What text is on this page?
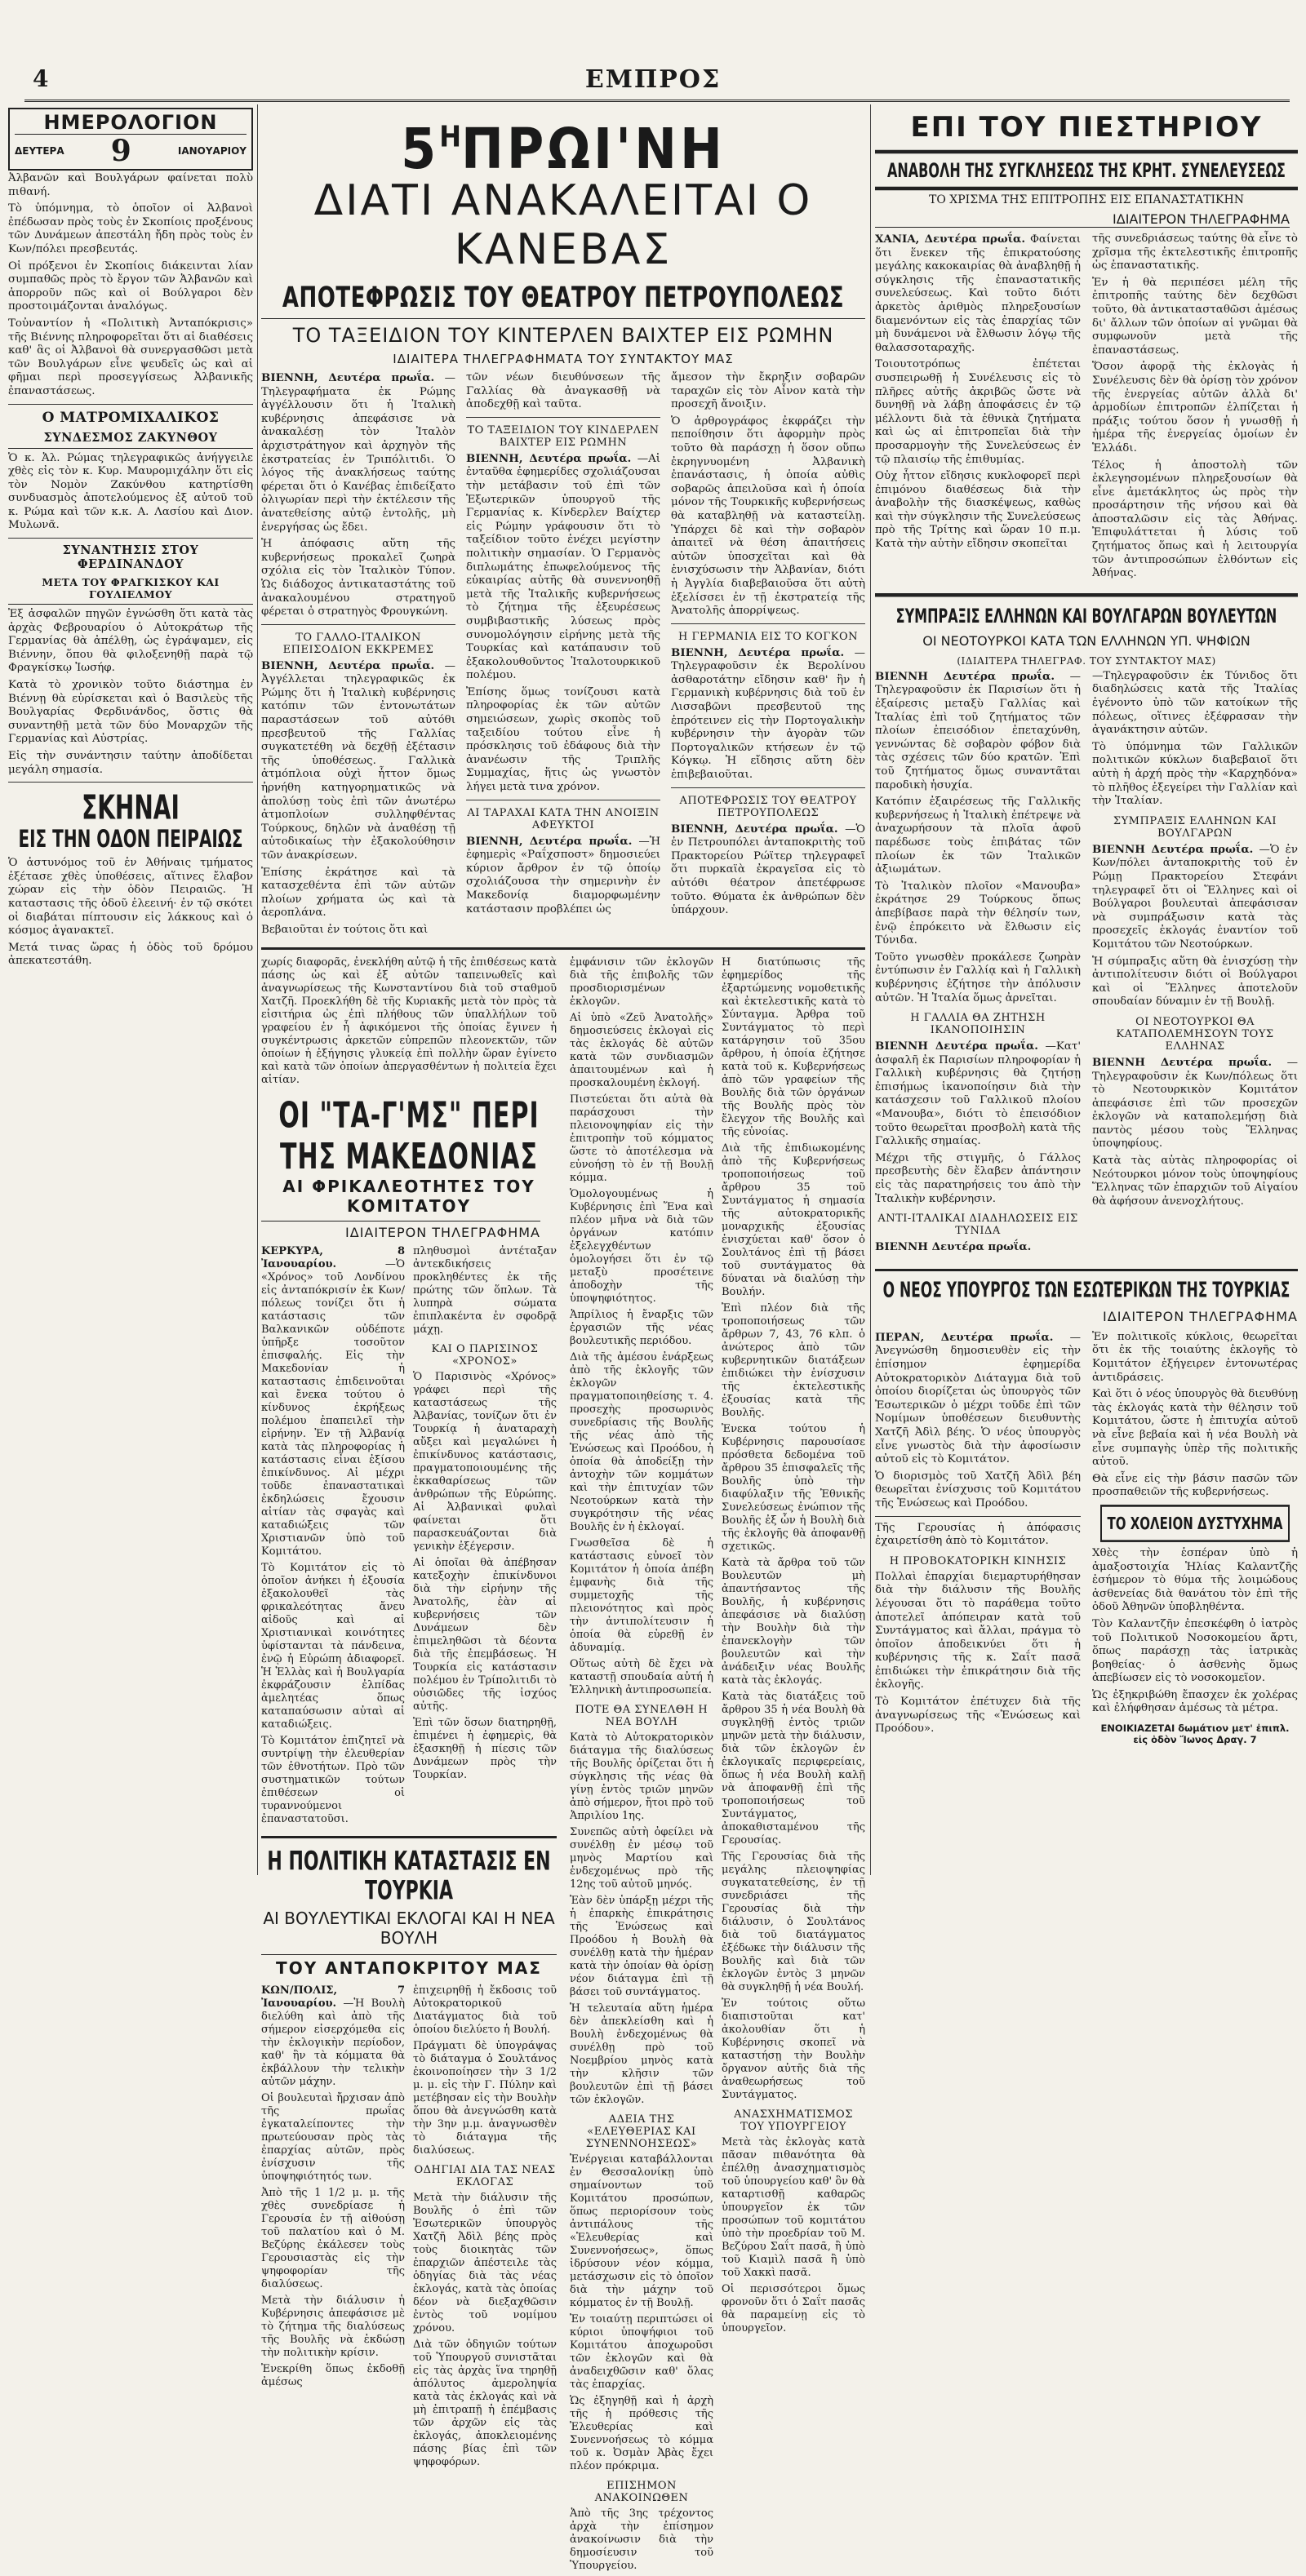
4	ΕΜΠΡΟΣ
ΗΜΕΡΟΛΟΓΙΟΝ
ΔΕΥΤΕΡΑ 9	ΙΑΝΟΥΑΡΙΟΥ

Ἀλβανῶν καὶ Βουλγάρων φαίνεται πολὺ πιθανή.

Τὸ ὑπόμνημα, τὸ ὁποῖον οἱ Ἀλβανοὶ ἐπέδωσαν πρὸς τοὺς ἐν Σκοπίοις προξένους τῶν Δυνάμεων ἀπεστάλη ἤδη πρὸς τοὺς ἐν Κων/πόλει πρεσβευτάς.

Οἱ πρόξενοι ἐν Σκοπίοις διάκεινται λίαν συμπαθῶς πρὸς τὸ ἔργον τῶν Ἀλβανῶν καὶ ἀπορροῦν πῶς καὶ οἱ Βούλγαροι δὲν προστοιμάζονται ἀναλόγως.

Τοὐναντίον ἡ «Πολιτικὴ Ἀνταπόκρισις» τῆς Βιέννης πληροφορεῖται ὅτι αἱ διαθέσεις καθ' ἃς οἱ Ἀλβανοὶ θὰ συνεργασθῶσι μετὰ τῶν Βουλγάρων εἶνε ψευδεῖς ὡς καὶ αἱ φῆμαι περὶ προσεγγίσεως Ἀλβανικῆς ἐπαναστάσεως.

Ο ΜΑΤΡΟΜΙΧΑΛΙΚΟΣ
ΣΥΝΔΕΣΜΟΣ ΖΑΚΥΝΘΟΥ

Ὁ κ. Ἀλ. Ρώμας τηλεγραφικῶς ἀνήγγειλε χθὲς εἰς τὸν κ. Κυρ. Μαυρομιχάλην ὅτι εἰς τὸν Νομὸν Ζακύνθου κατηρτίσθη συνδυασμὸς ἀποτελούμενος ἐξ αὐτοῦ τοῦ κ. Ρώμα καὶ τῶν κ.κ. Α. Λασίου καὶ Διον. Μυλωνᾶ.

ΣΥΝΑΝΤΗΣΙΣ ΣΤΟΥ ΦΕΡΔΙΝΑΝΔΟΥ
ΜΕΤΑ ΤΟΥ ΦΡΑΓΚΙΣΚΟΥ ΚΑΙ ΓΟΥΛΙΕΛΜΟΥ

Ἐξ ἀσφαλῶν πηγῶν ἐγνώσθη ὅτι κατὰ τὰς ἀρχὰς Φεβρουαρίου ὁ Αὐτοκράτωρ τῆς Γερμανίας θὰ ἀπέλθῃ, ὡς ἐγράψαμεν, εἰς Βιέννην, ὅπου θὰ φιλοξενηθῇ παρὰ τῷ Φραγκίσκῳ Ἰωσήφ.

Κατὰ τὸ χρονικὸν τοῦτο διάστημα ἐν Βιέννῃ θὰ εὑρίσκεται καὶ ὁ Βασιλεὺς τῆς Βουλγαρίας Φερδινάνδος, ὅστις θὰ συναντηθῇ μετὰ τῶν δύο Μοναρχῶν τῆς Γερμανίας καὶ Αὐστρίας.

Εἰς τὴν συνάντησιν ταύτην ἀποδίδεται μεγάλη σημασία.

ΣΚΗΝΑΙ
ΕΙΣ ΤΗΝ ΟΔΟΝ ΠΕΙΡΑΙΩΣ

Ὁ ἀστυνόμος τοῦ ἐν Ἀθήναις τμήματος ἐξέτασε χθὲς ὑποθέσεις, αἵτινες ἔλαβον χώραν εἰς τὴν ὁδὸν Πειραιῶς. Ἡ καταστασις τῆς ὁδοῦ ἐλεεινή· ἐν τῷ σκότει οἱ διαβάται πίπτουσιν εἰς λάκκους καὶ ὁ κόσμος ἀγανακτεῖ.

Μετά τινας ὥρας ἡ ὁδὸς τοῦ δρόμου ἀπεκατεστάθη.

$5^H\Pi P\Omega I'NH$
ΔΙΑΤΙ ΑΝΑΚΑΛΕΙΤΑΙ Ο ΚΑΝΕΒΑΣ
ΑΠΟΤΕΦΡΩΣΙΣ ΤΟΥ ΘΕΑΤΡΟΥ ΠΕΤΡΟΥΠΟΛΕΩΣ
ΤΟ ΤΑΞΕΙΔΙΟΝ ΤΟΥ ΚΙΝΤΕΡΛΕΝ ΒΑΙΧΤΕΡ ΕΙΣ ΡΩΜΗΝ
ΙΔΙΑΙΤΕΡΑ ΤΗΛΕΓΡΑΦΗΜΑΤΑ ΤΟΥ ΣΥΝΤΑΚΤΟΥ ΜΑΣ

ΒΙΕΝΝΗ, Δευτέρα πρωΐα. —Τηλεγραφήματα ἐκ Ρώμης ἀγγέλλουσιν ὅτι ἡ Ἰταλικὴ κυβέρνησις ἀπεφάσισε νὰ ἀνακαλέσῃ τὸν Ἰταλὸν ἀρχιστράτηγον καὶ ἀρχηγὸν τῆς ἐκστρατείας ἐν Τριπόλιτιδι. Ὁ λόγος τῆς ἀνακλήσεως ταύτης φέρεται ὅτι ὁ Κανέβας ἐπιδείξατο ὀλιγωρίαν περὶ τὴν ἐκτέλεσιν τῆς ἀνατεθείσης αὐτῷ ἐντολῆς, μὴ ἐνεργήσας ὡς ἔδει.

Ἡ ἀπόφασις αὕτη τῆς κυβερνήσεως προκαλεῖ ζωηρὰ σχόλια εἰς τὸν Ἰταλικὸν Τύπον. Ὡς διάδοχος ἀντικαταστάτης τοῦ ἀνακαλουμένου στρατηγοῦ φέρεται ὁ στρατηγὸς Φρουγκώνη.

ΤΟ ΓΑΛΛΟ-ΙΤΑΛΙΚΟΝ ΕΠΕΙΣΟΔΙΟΝ ΕΚΚΡΕΜΕΣ

ΒΙΕΝΝΗ, Δευτέρα πρωΐα. —Ἀγγέλλεται τηλεγραφικῶς ἐκ Ρώμης ὅτι ἡ Ἰταλικὴ κυβέρνησις κατόπιν τῶν ἐντονωτάτων παραστάσεων τοῦ αὐτόθι πρεσβευτοῦ τῆς Γαλλίας συγκατετέθη νὰ δεχθῇ ἐξέτασιν τῆς ὑποθέσεως. Γαλλικὰ ἀτμόπλοια οὐχὶ ἧττον ὅμως ἠρνήθη κατηγορηματικῶς νὰ ἀπολύσῃ τοὺς ἐπὶ τῶν ἀνωτέρω ἀτμοπλοίων συλληφθέντας Τούρκους, δηλῶν νὰ ἀναθέσῃ τῇ αὐτοδικαίως τὴν ἐξακολούθησιν τῶν ἀνακρίσεων.

Ἐπίσης ἐκράτησε καὶ τὰ κατασχεθέντα ἐπὶ τῶν αὐτῶν πλοίων χρήματα ὡς καὶ τὰ ἀεροπλάνα.

Βεβαιοῦται ἐν τούτοις ὅτι καὶ

τῶν νέων διευθύνσεων τῆς Γαλλίας θὰ ἀναγκασθῇ νὰ ἀποδεχθῇ καὶ ταῦτα.

ΤΟ ΤΑΞΕΙΔΙΟΝ ΤΟΥ ΚΙΝΔΕΡΛΕΝ ΒΑΙΧΤΕΡ ΕΙΣ ΡΩΜΗΝ

ΒΙΕΝΝΗ, Δευτέρα πρωΐα. —Αἱ ἐνταῦθα ἐφημερίδες σχολιάζουσαι τὴν μετάβασιν τοῦ ἐπὶ τῶν Ἐξωτερικῶν ὑπουργοῦ τῆς Γερμανίας κ. Κίνδερλεν Βαίχτερ εἰς Ρώμην γράφουσιν ὅτι τὸ ταξείδιον τοῦτο ἐνέχει μεγίστην πολιτικὴν σημασίαν. Ὁ Γερμανὸς διπλωμάτης ἐπωφελούμενος τῆς εὐκαιρίας αὐτῆς θὰ συνεννοηθῇ μετὰ τῆς Ἰταλικῆς κυβερνήσεως τὸ ζήτημα τῆς ἐξευρέσεως συμβιβαστικῆς λύσεως πρὸς συνομολόγησιν εἰρήνης μετὰ τῆς Τουρκίας καὶ κατάπαυσιν τοῦ ἐξακολουθοῦντος Ἰταλοτουρκικοῦ πολέμου.

Ἐπίσης ὅμως τονίζουσι κατὰ πληροφορίας ἐκ τῶν αὐτῶν σημειώσεων, χωρὶς σκοπὸς τοῦ ταξειδίου τούτου εἶνε ἡ πρόσκλησις τοῦ ἐδάφους διὰ τὴν ἀνανέωσιν τῆς Τριπλῆς Συμμαχίας, ἥτις ὡς γνωστὸν λήγει μετὰ τινα χρόνον.

ΑΙ ΤΑΡΑΧΑΙ ΚΑΤΑ ΤΗΝ ΑΝΟΙΞΙΝ ΑΦΕΥΚΤΟΙ

ΒΙΕΝΝΗ, Δευτέρα πρωΐα. —Ἡ ἐφημερὶς «Ραΐχσποστ» δημοσιεύει κύριον ἄρθρον ἐν τῷ ὁποίῳ σχολιάζουσα τὴν σημερινὴν ἐν Μακεδονίᾳ διαμορφωμένην κατάστασιν προβλέπει ὡς

ἄμεσον τὴν ἔκρηξιν σοβαρῶν ταραχῶν εἰς τὸν Αἶνον κατὰ τὴν προσεχῆ ἄνοιξιν.

Ὁ ἀρθρογράφος ἐκφράζει τὴν πεποίθησιν ὅτι ἀφορμὴν πρὸς τοῦτο θὰ παράσχῃ ἡ ὅσον οὕπω ἐκρηγνυομένη Ἀλβανικὴ ἐπανάστασις, ἡ ὁποία αὐθὶς σοβαρῶς ἀπειλοῦσα καὶ ἡ ὁποία μόνον τῆς Τουρκικῆς κυβερνήσεως θὰ καταβληθῇ νὰ καταστείλῃ. Ὑπάρχει δὲ καὶ τὴν σοβαρὸν ἀπαιτεῖ νὰ θέση ἀπαιτήσεις αὐτῶν ὑποσχεῖται καὶ θὰ ἐνισχύσωσιν τὴν Ἀλβανίαν, διότι ἡ Ἀγγλία διαβεβαιοῦσα ὅτι αὐτὴ ἐξελίσσει ἐν τῇ ἐκστρατείᾳ τῆς Ἀνατολῆς ἀπορρίψεως.

Η ΓΕΡΜΑΝΙΑ ΕΙΣ ΤΟ ΚΟΓΚΟΝ

ΒΙΕΝΝΗ, Δευτέρα πρωΐα. —Τηλεγραφοῦσιν ἐκ Βερολίνου ἀσθαροτάτην εἴδησιν καθ' ἣν ἡ Γερμανικὴ κυβέρνησις διὰ τοῦ ἐν Λισσαβῶνι πρεσβευτοῦ της ἐπρότεινεν εἰς τὴν Πορτογαλικὴν κυβέρνησιν τὴν ἀγορὰν τῶν Πορτογαλικῶν κτήσεων ἐν τῷ Κόγκῳ. Ἡ εἴδησις αὕτη δὲν ἐπιβεβαιοῦται.

ΑΠΟΤΕΦΡΩΣΙΣ ΤΟΥ ΘΕΑΤΡΟΥ ΠΕΤΡΟΥΠΟΛΕΩΣ

ΒΙΕΝΝΗ, Δευτέρα πρωΐα. —Ὁ ἐν Πετρουπόλει ἀνταποκριτὴς τοῦ Πρακτορείου Ρώϊτερ τηλεγραφεῖ ὅτι πυρκαϊὰ ἐκραγεῖσα εἰς τὸ αὐτόθι θέατρον ἀπετέφρωσε τοῦτο. Θύματα ἐκ ἀνθρώπων δὲν ὑπάρχουν.

χωρίς διαφορᾶς, ἐνεκλήθη αὐτῷ ἡ τῆς ἐπιθέσεως κατὰ πάσης ὡς καὶ ἐξ αὐτῶν ταπεινωθεῖς καὶ ἀναγνωρίσεως τῆς Κωνσταντίνου διὰ τοῦ σταθμοῦ Χατζῆ. Προεκλήθη δὲ τῆς Κυριακῆς μετὰ τὸν πρὸς τὰ εἰσιτήρια ὡς ἐπὶ πλήθους τῶν ὑπαλλήλων τοῦ γραφείου ἐν ἧ ἀφικόμενοι τῆς ὁποίας ἔγινεν ἡ συγκέντρωσις ἀρκετῶν εὐπρεπῶν πλεονεκτῶν, τῶν ὁποίων ἡ ἐξήγησις γλυκείᾳ ἐπὶ πολλὴν ὥραν ἐγίνετο καὶ κατὰ τῶν ὁποίων ἀπεργασθέντων ἡ πολιτεία ἔχει αἰτίαν.

ΟΙ "ΤΑ-Γ'ΜΣ" ΠΕΡΙ ΤΗΣ ΜΑΚΕΔΟΝΙΑΣ
ΑΙ ΦΡΙΚΑΛΕΟΤΗΤΕΣ ΤΟΥ ΚΟΜΙΤΑΤΟΥ
ΙΔΙΑΙΤΕΡΟΝ ΤΗΛΕΓΡΑΦΗΜΑ

ΚΕΡΚΥΡΑ, 8 Ἰανουαρίου.	—Ὁ «Χρόνος» τοῦ Λονδίνου εἰς ἀνταπόκρισίν ἐκ Κων/πόλεως τονίζει ὅτι ἡ κατάστασις τῶν Βαλκανικῶν οὐδέποτε ὑπῆρξε τοσοῦτον ἐπισφαλής. Εἰς τὴν Μακεδονίαν ἡ καταστασις ἐπιδεινοῦται καὶ ἔνεκα τούτου ὁ κίνδυνος ἐκρήξεως πολέμου ἐπαπειλεῖ τὴν εἰρήνην. Ἐν τῇ Ἀλβανίᾳ κατὰ τὰς πληροφορίας ἡ κατάστασις εἶναι ἐξίσου ἐπικίνδυνος. Αἱ μέχρι τοῦδε ἐπαναστατικαὶ ἐκδηλώσεις ἔχουσιν αἰτίαν τὰς σφαγὰς καὶ καταδιώξεις τῶν Χριστιανῶν ὑπὸ τοῦ Κομιτάτου.

Τὸ Κομιτάτον εἰς τὸ ὁποῖον ἀνήκει ἡ ἐξουσία ἐξακολουθεῖ τὰς φρικαλεότητας ἄνευ αἰδοῦς καὶ αἱ Χριστιανικαὶ κοινότητες ὑφίστανται τὰ πάνδεινα, ἐνῷ ἡ Εὐρώπη ἀδιαφορεῖ. Ἡ Ἑλλὰς καὶ ἡ Βουλγαρία ἐκφράζουσιν ἐλπίδας ἀμελητέας ὅπως καταπαύσωσιν αὐταὶ αἱ καταδιώξεις.

Τὸ Κομιτάτον ἐπιζητεῖ νὰ συντρίψῃ τὴν ἐλευθερίαν τῶν ἐθνοτήτων. Πρὸ τῶν συστηματικῶν τούτων ἐπιθέσεων οἱ τυραννούμενοι ἐπαναστατοῦσι.

πληθυσμοὶ ἀντέταξαν ἀντεκδικήσεις προκληθέντες ἐκ τῆς πρώτης τῶν ὅπλων. Τὰ λυπηρὰ σώματα ἐπιπλακέντα ἐν σφοδρᾷ μάχῃ.

ΚΑΙ Ο ΠΑΡΙΣΙΝΟΣ «ΧΡΟΝΟΣ»

Ὁ Παρισινὸς «Χρόνος» γράφει περὶ τῆς καταστάσεως τῆς Ἀλβανίας, τονίζων ὅτι ἐν Τουρκίᾳ ἡ ἀναταραχὴ αὔξει καὶ μεγαλώνει ἡ ἐπικίνδυνος κατάστασις, πραγματοποιουμένης τῆς ἐκκαθαρίσεως τῶν ἀνθρώπων τῆς Εὐρώπης. Αἱ Ἀλβανικαὶ φυλαὶ φαίνεται ὅτι παρασκευάζονται διὰ γενικὴν ἐξέγερσιν.

Αἱ ὁποῖαι θὰ ἀπέβησαν κατεξοχὴν ἐπικίνδυνοι διὰ τὴν εἰρήνην τῆς Ἀνατολῆς, ἐὰν αἱ κυβερνήσεις τῶν Δυνάμεων δὲν ἐπιμεληθῶσι τὰ δέοντα διὰ τῆς ἐπεμβάσεως. Ἡ Τουρκία εἰς κατάστασιν πολέμου ἐν Τρίπολιτιδι τὸ οὐσιῶδες τῆς ἰσχύος αὐτῆς.

Ἐπὶ τῶν ὅσων διατηρηθῇ, ἐπιμένει ἡ ἐφημερὶς, θὰ ἐξασκηθῇ ἡ πίεσις τῶν Δυνάμεων πρὸς τὴν Τουρκίαν.

Η ΠΟΛΙΤΙΚΗ ΚΑΤΑΣΤΑΣΙΣ ΕΝ ΤΟΥΡΚΙΑ
ΑΙ ΒΟΥΛΕΥΤΙΚΑΙ ΕΚΛΟΓΑΙ ΚΑΙ Η ΝΕΑ ΒΟΥΛΗ
ΤΟΥ ΑΝΤΑΠΟΚΡΙΤΟΥ ΜΑΣ

ΚΩΝ/ΠΟΛΙΣ, 7 Ἰανουαρίου. —Ἡ Βουλὴ διελύθη καὶ ἀπὸ τῆς σήμερον εἰσερχόμεθα εἰς τὴν ἐκλογικὴν περίοδον, καθ' ἣν τὰ κόμματα θὰ ἐκβάλλουν τὴν τελικὴν αὐτῶν μάχην.

Οἱ βουλευταὶ ἤρχισαν ἀπὸ τῆς πρωΐας ἐγκαταλείποντες τὴν πρωτεύουσαν πρὸς τὰς ἐπαρχίας αὐτῶν, πρὸς ἐνίσχυσιν τῆς ὑποψηφιότητός των.

Ἀπὸ τῆς 1 1/2 μ. μ. τῆς χθὲς συνεδρίασε ἡ Γερουσία ἐν τῇ αἰθούσῃ τοῦ παλατίου καὶ ὁ Μ. Βεζύρης ἐκάλεσεν τοὺς Γερουσιαστὰς εἰς τὴν ψηφοφορίαν τῆς διαλύσεως.

Μετὰ τὴν διάλυσιν ἡ Κυβέρνησις ἀπεφάσισε μὲ τὸ ζήτημα τῆς διαλύσεως τῆς Βουλῆς νὰ ἐκδώσῃ τὴν πολιτικὴν κρίσιν.

Ἐνεκρίθη ὅπως ἐκδοθῇ ἀμέσως

ἐπιχειρηθῇ ἡ ἔκδοσις τοῦ Αὐτοκρατορικοῦ Διατάγματος διὰ τοῦ ὁποίου διελύετο ἡ Βουλή.

Πράγματι δὲ ὑπογράψας τὸ διάταγμα ὁ Σουλτάνος ἐκοινοποίησεν τὴν 3 1/2 μ. μ. εἰς τὴν Γ. Πύλην καὶ μετέβησαν εἰς τὴν Βουλὴν ὅπου θὰ ἀνεγνώσθη κατὰ τὴν 3ην μ.μ. ἀναγνωσθὲν τὸ διάταγμα τῆς διαλύσεως.

ΟΔΗΓΙΑΙ ΔΙΑ ΤΑΣ ΝΕΑΣ ΕΚΛΟΓΑΣ

Μετὰ τὴν διάλυσιν τῆς Βουλῆς ὁ ἐπὶ τῶν Ἐσωτερικῶν ὑπουργὸς Χατζῆ Ἀδὶλ βέης πρὸς τοὺς διοικητὰς τῶν ἐπαρχιῶν ἀπέστειλε τὰς ὁδηγίας διὰ τὰς νέας ἐκλογάς, κατὰ τὰς ὁποίας δέον νὰ διεξαχθῶσιν ἐντὸς τοῦ νομίμου χρόνου.

Διὰ τῶν ὁδηγιῶν τούτων τοῦ Ὑπουργοῦ συνιστᾶται εἰς τὰς ἀρχὰς ἵνα τηρηθῇ ἀπόλυτος ἀμεροληψία κατὰ τὰς ἐκλογάς καὶ νὰ μὴ ἐπιτραπῇ ἡ ἐπέμβασις τῶν ἀρχῶν εἰς τὰς ἐκλογάς, ἀποκλειομένης πάσης βίας ἐπὶ τῶν ψηφοφόρων.

ἐμφάνισιν τῶν ἐκλογῶν διὰ τῆς ἐπιβολῆς τῶν προσδιορισμένων ἐκλογῶν.

Αἱ ὑπὸ «Ζεῦ Ἀνατολῆς» δημοσιεύσεις ἐκλογαὶ εἰς τὰς ἐκλογάς δὲ αὐτῶν κατὰ τῶν συνδιασμῶν ἀπαιτουμένων καὶ ἡ προσκαλουμένη ἐκλογή.

Πιστεύεται ὅτι αὐτὰ θὰ παράσχουσι τὴν πλειονοψηφίαν εἰς τὴν ἐπιτροπὴν τοῦ κόμματος ὥστε τὸ ἀποτέλεσμα νὰ εὐνοήσῃ τὸ ἐν τῇ Βουλῇ κόμμα.

Ὁμολογουμένως ἡ Κυβέρνησις ἐπὶ Ἕνα καὶ πλέον μῆνα νὰ διὰ τῶν ὀργάνων κατόπιν ἐξελεγχθέντων ὁμολογήσει ὅτι ἐν τῷ μεταξὺ προσέτεινε ἀποδοχὴν τῆς ὑποψηφιότητος.

Ἀπρίλιος ἡ ἔναρξις τῶν ἐργασιῶν τῆς νέας βουλευτικῆς περιόδου.

Διὰ τῆς ἀμέσου ἐνάρξεως ἀπὸ τῆς ἐκλογῆς τῶν ἐκλογῶν πραγματοποιηθείσης τ. 4. προσεχὴς προσωρινὸς συνεδρίασις τῆς Βουλῆς τῆς νέας ἀπὸ τῆς Ἑνώσεως καὶ Προόδου, ἡ ὁποία θὰ ἀποδείξῃ τὴν ἀντοχὴν τῶν κομμάτων καὶ τὴν ἐπιτυχίαν τῶν Νεοτούρκων κατὰ τὴν συγκρότησιν τῆς νέας Βουλῆς ἐν ἡ ἐκλογαί.

Γνωσθεῖσα δὲ ἡ κατάστασις εὐνοεῖ τὸν Κομιτάτον ἡ ὁποία ἀπέβη ἐμφανὴς διὰ τῆς συμμετοχῆς τῆς πλειονότητος καὶ πρὸς τὴν ἀντιπολίτευσιν ἡ ὁποία θὰ εὑρεθῇ ἐν ἀδυναμίᾳ.

Οὕτως αὐτὴ δὲ ἔχει νὰ καταστῇ σπουδαία αὐτή ἡ Ἑλληνικὴ ἀντιπροσωπεία.

ΠΟΤΕ ΘΑ ΣΥΝΕΛΘΗ Η ΝΕΑ ΒΟΥΛΗ

Κατὰ τὸ Αὐτοκρατορικὸν διάταγμα τῆς διαλύσεως τῆς Βουλῆς ὁρίζεται ὅτι ἡ σύγκλησις τῆς νέας θὰ γίνῃ ἐντὸς τριῶν μηνῶν ἀπὸ σήμερον, ἤτοι πρὸ τοῦ Ἀπριλίου 1ης.

Συνεπῶς αὐτὴ ὀφείλει νὰ συνέλθῃ ἐν μέσῳ τοῦ μηνὸς Μαρτίου καὶ ἐνδεχομένως πρὸ τῆς 12ης τοῦ αὐτοῦ μηνός.

Ἐὰν δὲν ὑπάρξῃ μέχρι τῆς ἡ ἐπαρκὴς ἐπικράτησις τῆς Ἑνώσεως καὶ Προόδου ἡ Βουλὴ θὰ συνέλθῃ κατὰ τὴν ἡμέραν κατὰ τὴν ὁποίαν θὰ ὁρίσῃ νέον διάταγμα ἐπὶ τῇ βάσει τοῦ συντάγματος.

Ἡ τελευταία αὕτη ἡμέρα δὲν ἀπεκλείσθη καὶ ἡ Βουλὴ ἐνδεχομένως θὰ συνέλθῃ πρὸ τοῦ Νοεμβρίου μηνὸς κατὰ τὴν κλῆσιν τῶν βουλευτῶν ἐπὶ τῇ βάσει τῶν ἐκλογῶν.

ΑΔΕΙΑ ΤΗΣ «ΕΛΕΥΘΕΡΙΑΣ ΚΑΙ ΣΥΝΕΝΝΟΗΣΕΩΣ»

Ἐνέργειαι καταβάλλονται ἐν Θεσσαλονίκῃ ὑπὸ σημαίνοντων τοῦ Κομιτάτου προσώπων, ὅπως περιορίσουν τοὺς ἀντιπάλους τῆς «Ἐλευθερίας καὶ Συνεννοήσεως», ὅπως ἰδρύσουν νέον κόμμα, μετάσχωσιν εἰς τὸ ὁποῖον διὰ τὴν μάχην τοῦ κόμματος ἐν τῇ Βουλῇ.

Ἐν τοιαύτῃ περιπτώσει οἱ κύριοι ὑποψήφιοι τοῦ Κομιτάτου ἀποχωροῦσι τῶν ἐκλογῶν καὶ θὰ ἀναδειχθῶσιν καθ' ὅλας τὰς ἐπαρχίας.

Ὡς ἐξηγηθῇ καὶ ἡ ἀρχὴ τῆς ἡ πρόθεσις τῆς Ἐλευθερίας καὶ Συνεννοήσεως τὸ κόμμα τοῦ κ. Ὀσμὰν Ἀβὰς ἔχει πλέον πρόκριμα.

ΕΠΙΣΗΜΟΝ ΑΝΑΚΟΙΝΩΘΕΝ

Ἀπὸ τῆς 3ης τρέχοντος ἀρχὰ τὴν ἐπίσημον ἀνακοίνωσιν διὰ τὴν δημοσίευσιν τοῦ Ὑπουργείου.

Η διατύπωσις τῆς ἐφημερίδος τῆς ἐξαρτώμενης νομοθετικῆς καὶ ἐκτελεστικῆς κατὰ τὸ Σύνταγμα. Ἀρθρα τοῦ Συντάγματος τὸ περὶ κατάργησιν τοῦ 35ου ἄρθρου, ἡ ὁποία ἐζήτησε κατὰ τοῦ κ. Κυβερνήσεως ἀπὸ τῶν γραφείων τῆς Βουλῆς διὰ τῶν ὀργάνων τῆς Βουλῆς πρὸς τὸν ἔλεγχον τῆς Βουλῆς καὶ τῆς εὐνοίας.

Διὰ τῆς ἐπιδιωκομένης ἀπὸ τῆς Κυβερνήσεως τροποποιήσεως τοῦ ἄρθρου 35 τοῦ Συντάγματος ἡ σημασία τῆς αὐτοκρατορικῆς μοναρχικῆς ἐξουσίας ἐνισχύεται καθ' ὅσον ὁ Σουλτάνος ἐπὶ τῇ βάσει τοῦ συντάγματος θὰ δύναται νὰ διαλύσῃ τὴν Βουλήν.

Ἐπὶ πλέον διὰ τῆς τροποποιήσεως τῶν ἄρθρων 7, 43, 76 κλπ. ὁ ἀνώτερος ἀπὸ τῶν κυβερνητικῶν διατάξεων ἐπιδιώκει τὴν ἐνίσχυσιν τῆς ἐκτελεστικῆς ἐξουσίας κατὰ τῆς Βουλῆς.

Ἐνεκα τούτου ἡ Κυβέρνησις παρουσίασε πρόσθετα δεδομένα τοῦ ἄρθρου 35 ἐπισφαλεῖς τῆς Βουλῆς ὑπὸ τὴν διαφύλαξιν τῆς Ἐθνικῆς Συνελεύσεως ἐνώπιον τῆς Βουλῆς ἐξ ὧν ἡ Βουλὴ διὰ τῆς ἐκλογῆς θὰ ἀποφανθῇ σχετικῶς.

Κατὰ τὰ ἄρθρα τοῦ τῶν Βουλευτῶν μὴ ἀπαντήσαντος τῆς Βουλῆς, ἡ κυβέρνησις ἀπεφάσισε νὰ διαλύσῃ τὴν Βουλὴν διὰ τὴν ἐπανεκλογὴν τῶν βουλευτῶν καὶ τὴν ἀνάδειξιν νέας Βουλῆς κατὰ τὰς ἐκλογάς.

Κατὰ τὰς διατάξεις τοῦ ἄρθρου 35 ἡ νέα Βουλὴ θὰ συγκληθῇ ἐντὸς τριῶν μηνῶν μετὰ τὴν διάλυσιν, διὰ τῶν ἐκλογῶν ἐν ἐκλογικαῖς περιφερείαις, ὅπως ἡ νέα Βουλὴ καλῇ νὰ ἀποφανθῇ ἐπὶ τῆς τροποποιήσεως τοῦ Συντάγματος, ἀποκαθισταμένου τῆς Γερουσίας.

Τῆς Γερουσίας διὰ τῆς μεγάλης πλειοψηφίας συγκατατεθείσης, ἐν τῇ συνεδριάσει τῆς Γερουσίας διὰ τὴν διάλυσιν, ὁ Σουλτάνος διὰ τοῦ διατάγματος ἐξέδωκε τὴν διάλυσιν τῆς Βουλῆς καὶ διὰ τῶν ἐκλογῶν ἐντὸς 3 μηνῶν θὰ συγκληθῇ ἡ νέα Βουλή.

Ἐν τούτοις οὕτω διαπιστοῦται κατ' ἀκολουθίαν ὅτι ἡ Κυβέρνησις σκοπεῖ νὰ καταστήσῃ τὴν Βουλὴν ὄργανον αὐτῆς διὰ τῆς ἀναθεωρήσεως τοῦ Συντάγματος.

ΑΝΑΣΧΗΜΑΤΙΣΜΟΣ ΤΟΥ ΥΠΟΥΡΓΕΙΟΥ

Μετὰ τὰς ἐκλογὰς κατὰ πᾶσαν πιθανότητα θὰ ἐπέλθῃ ἀνασχηματισμὸς τοῦ ὑπουργείου καθ' ὃν θὰ καταρτισθῇ καθαρῶς ὑπουργεῖον ἐκ τῶν προσώπων τοῦ κομιτάτου ὑπὸ τὴν προεδρίαν τοῦ Μ. Βεζύρου Σαΐτ πασᾶ, ἢ ὑπὸ τοῦ Κιαμὶλ πασᾶ ἢ ὑπὸ τοῦ Χακκὶ πασᾶ.

Οἱ περισσότεροι ὅμως φρονοῦν ὅτι ὁ Σαΐτ πασᾶς θὰ παραμείνῃ εἰς τὸ ὑπουργεῖον.

ΕΠΙ ΤΟΥ ΠΙΕΣΤΗΡΙΟΥ
ΑΝΑΒΟΛΗ ΤΗΣ ΣΥΓΚΛΗΣΕΩΣ ΤΗΣ ΚΡΗΤ. ΣΥΝΕΛΕΥΣΕΩΣ
ΤΟ ΧΡΙΣΜΑ ΤΗΣ ΕΠΙΤΡΟΠΗΣ ΕΙΣ ΕΠΑΝΑΣΤΑΤΙΚΗΝ
ΙΔΙΑΙΤΕΡΟΝ ΤΗΛΕΓΡΑΦΗΜΑ

ΧΑΝΙΑ, Δευτέρα πρωΐα. Φαίνεται ὅτι ἕνεκεν τῆς ἐπικρατούσης μεγάλης κακοκαιρίας θὰ ἀναβληθῇ ἡ σύγκλησις τῆς ἐπαναστατικῆς συνελεύσεως. Καὶ τοῦτο διότι ἀρκετὸς ἀριθμὸς πληρεξουσίων διαμενόντων εἰς τὰς ἐπαρχίας τῶν μὴ δυνάμενοι νὰ ἔλθωσιν λόγῳ τῆς θαλασσοταραχῆς.

Τοιουτοτρόπως ἐπέτεται συσπειρωθῇ ἡ Συνέλευσις εἰς τὸ πλῆρες αὐτῆς ἀκριβῶς ὥστε νὰ δυνηθῇ νὰ λάβῃ ἀποφάσεις ἐν τῷ μέλλοντι διὰ τὰ ἐθνικὰ ζητήματα καὶ ὡς αἱ ἐπιτροπεῖαι διὰ τὴν προσαρμογὴν τῆς Συνελεύσεως ἐν τῷ πλαισίῳ τῆς ἐπιθυμίας.

Οὐχ ἧττον εἴδησις κυκλοφορεῖ περὶ ἐπιμόνου διαθέσεως διὰ τὴν ἀναβολὴν τῆς διασκέψεως, καθὼς καὶ τὴν σύγκλησιν τῆς Συνελεύσεως πρὸ τῆς Τρίτης καὶ ὥραν 10 π.μ. Κατὰ τὴν αὐτὴν εἴδησιν σκοπεῖται

τῆς συνεδριάσεως ταύτης θὰ εἶνε τὸ χρῖσμα τῆς ἐκτελεστικῆς ἐπιτροπῆς ὡς ἐπαναστατικῆς.

Ἐν ἡ θὰ περιπέσει μέλη τῆς ἐπιτροπῆς ταύτης δὲν δεχθῶσι τοῦτο, θὰ ἀντικατασταθῶσι ἀμέσως δι' ἄλλων τῶν ὁποίων αἱ γνῶμαι θὰ συμφωνοῦν μετὰ τῆς ἐπαναστάσεως.

Ὅσον ἀφορᾷ τὴς ἐκλογὰς ἡ Συνέλευσις δὲν θὰ ὁρίσῃ τὸν χρόνον τῆς ἐνεργείας αὐτῶν ἀλλὰ δι' ἀρμοδίων ἐπιτροπῶν ἐλπίζεται ἡ πράξις τούτου ὅσον ἡ γνωσθῇ ἡ ἡμέρα τῆς ἐνεργείας ὁμοίων ἐν Ἑλλάδι.

Τέλος ἡ ἀποστολὴ τῶν ἐκλεγησομένων πληρεξουσίων θὰ εἶνε ἀμετάκλητος ὡς πρὸς τὴν προσάρτησιν τῆς νήσου καὶ θὰ ἀποσταλῶσιν εἰς τὰς Ἀθήνας. Ἐπιφυλάττεται ἡ λύσις τοῦ ζητήματος ὅπως καὶ ἡ λειτουργία τῶν ἀντιπροσώπων ἐλθόντων εἰς Ἀθήνας.

ΣΥΜΠΡΑΞΙΣ ΕΛΛΗΝΩΝ ΚΑΙ ΒΟΥΛΓΑΡΩΝ ΒΟΥΛΕΥΤΩΝ
ΟΙ ΝΕΟΤΟΥΡΚΟΙ ΚΑΤΑ ΤΩΝ ΕΛΛΗΝΩΝ ΥΠ. ΨΗΦΙΩΝ
(ΙΔΙΑΙΤΕΡΑ ΤΗΛΕΓΡΑΦ. ΤΟΥ ΣΥΝΤΑΚΤΟΥ ΜΑΣ)

ΒΙΕΝΝΗ Δευτέρα πρωΐα. —Τηλεγραφοῦσιν ἐκ Παρισίων ὅτι ἡ ἐξαίρεσις μεταξὺ Γαλλίας καὶ Ἰταλίας ἐπὶ τοῦ ζητήματος τῶν πλοίων ἐπεισόδιον ἐπεταχύνθη, γεννώντας δὲ σοβαρὸν φόβον διὰ τὰς σχέσεις τῶν δύο κρατῶν. Ἐπὶ τοῦ ζητήματος ὅμως συναντᾶται παροδικὴ ἡσυχία.

Κατόπιν ἐξαιρέσεως τῆς Γαλλικῆς κυβερνήσεως ἡ Ἰταλικὴ ἐπέτρεψε νὰ ἀναχωρήσουν τὰ πλοῖα ἀφοῦ παρέδωσε τοὺς ἐπιβάτας τῶν πλοίων ἐκ τῶν Ἰταλικῶν ἀξιωμάτων.

Τὸ Ἰταλικὸν πλοῖον «Μανουβα» ἐκράτησε 29 Τούρκους ὅπως ἀπεβίβασε παρὰ τὴν θέλησίν των, ἐνῷ ἐπρόκειτο νὰ ἔλθωσιν εἰς Τύνιδα.

Τοῦτο γνωσθὲν προκάλεσε ζωηρὰν ἐντύπωσιν ἐν Γαλλίᾳ καὶ ἡ Γαλλικὴ κυβέρνησις ἐζήτησε τὴν ἀπόλυσιν αὐτῶν. Ἡ Ἰταλία ὅμως ἀρνεῖται.

Η ΓΑΛΛΙΑ ΘΑ ΖΗΤΗΣΗ ΙΚΑΝΟΠΟΙΗΣΙΝ

ΒΙΕΝΝΗ Δευτέρα πρωΐα. —Κατ' ἀσφαλῆ ἐκ Παρισίων πληροφορίαν ἡ Γαλλικὴ κυβέρνησις θὰ ζητήσῃ ἐπισήμως ἱκανοποίησιν διὰ τὴν κατάσχεσιν τοῦ Γαλλικοῦ πλοίου «Μανουβα», διότι τὸ ἐπεισόδιον τοῦτο θεωρεῖται προσβολὴ κατὰ τῆς Γαλλικῆς σημαίας.

Μέχρι τῆς στιγμῆς, ὁ Γάλλος πρεσβευτὴς δὲν ἔλαβεν ἀπάντησιν εἰς τὰς παρατηρήσεις του ἀπὸ τὴν Ἰταλικὴν κυβέρνησιν.

ΑΝΤΙ-ΙΤΑΛΙΚΑΙ ΔΙΑΔΗΛΩΣΕΙΣ ΕΙΣ ΤΥΝΙΔΑ

ΒΙΕΝΝΗ Δευτέρα πρωΐα.

—Τηλεγραφοῦσιν ἐκ Τύνιδος ὅτι διαδηλώσεις κατὰ τῆς Ἰταλίας ἐγένοντο ὑπὸ τῶν κατοίκων τῆς πόλεως, οἵτινες ἐξέφρασαν τὴν ἀγανάκτησιν αὐτῶν.

Τὸ ὑπόμνημα τῶν Γαλλικῶν πολιτικῶν κύκλων διαβεβαιοῖ ὅτι αὐτὴ ἡ ἀρχή πρὸς τὴν «Καρχηδόνα» τὸ πλῆθος ἐξεγείρει τὴν Γαλλίαν καὶ τὴν Ἰταλίαν.

ΣΥΜΠΡΑΞΙΣ ΕΛΛΗΝΩΝ ΚΑΙ ΒΟΥΛΓΑΡΩΝ

ΒΙΕΝΝΗ Δευτέρα πρωΐα. —Ὁ ἐν Κων/πόλει ἀνταποκριτὴς τοῦ ἐν Ρώμῃ Πρακτορείου Στεφάνι τηλεγραφεῖ ὅτι οἱ Ἕλληνες καὶ οἱ Βούλγαροι βουλευταὶ ἀπεφάσισαν νὰ συμπράξωσιν κατὰ τὰς προσεχεῖς ἐκλογάς ἐναντίον τοῦ Κομιτάτου τῶν Νεοτούρκων.

Ἡ σύμπραξις αὕτη θὰ ἐνισχύσῃ τὴν ἀντιπολίτευσιν διότι οἱ Βούλγαροι καὶ οἱ Ἕλληνες ἀποτελοῦν σπουδαίαν δύναμιν ἐν τῇ Βουλῇ.

ΟΙ ΝΕΟΤΟΥΡΚΟΙ ΘΑ ΚΑΤΑΠΟΛΕΜΗΣΟΥΝ ΤΟΥΣ ΕΛΛΗΝΑΣ

ΒΙΕΝΝΗ Δευτέρα πρωΐα. —Τηλεγραφοῦσιν ἐκ Κων/πόλεως ὅτι τὸ Νεοτουρκικὸν Κομιτάτον ἀπεφάσισε ἐπὶ τῶν προσεχῶν ἐκλογῶν νὰ καταπολεμήσῃ διὰ παντὸς μέσου τοὺς Ἕλληνας ὑποψηφίους.

Κατὰ τὰς αὐτὰς πληροφορίας οἱ Νεότουρκοι μόνον τοὺς ὑποψηφίους Ἕλληνας τῶν ἐπαρχιῶν τοῦ Αἰγαίου θὰ ἀφήσουν ἀνενοχλήτους.

Ο ΝΕΟΣ ΥΠΟΥΡΓΟΣ ΤΩΝ ΕΣΩΤΕΡΙΚΩΝ ΤΗΣ ΤΟΥΡΚΙΑΣ
ΙΔΙΑΙΤΕΡΟΝ ΤΗΛΕΓΡΑΦΗΜΑ

ΠΕΡΑΝ, Δευτέρα πρωΐα. —Ἀνεγνώσθη δημοσιευθὲν εἰς τὴν ἐπίσημον ἐφημερίδα Αὐτοκρατορικὸν Διάταγμα διὰ τοῦ ὁποίου διορίζεται ὡς ὑπουργὸς τῶν Ἐσωτερικῶν ὁ μέχρι τοῦδε ἐπὶ τῶν Νομίμων ὑποθέσεων διευθυντὴς Χατζῆ Ἀδὶλ βέης. Ὁ νέος ὑπουργὸς εἶνε γνωστὸς διὰ τὴν ἀφοσίωσιν αὐτοῦ εἰς τὸ Κομιτάτον.

Ὁ διορισμὸς τοῦ Χατζῆ Ἀδὶλ βέη θεωρεῖται ἐνίσχυσις τοῦ Κομιτάτου τῆς Ἑνώσεως καὶ Προόδου.

Τῆς Γερουσίας ἡ ἀπόφασις ἐχαιρετίσθη ἀπὸ τὸ Κομιτάτον.

Η ΠΡΟΒΟΚΑΤΟΡΙΚΗ ΚΙΝΗΣΙΣ

Πολλαὶ ἐπαρχίαι διεμαρτυρήθησαν διὰ τὴν διάλυσιν τῆς Βουλῆς λέγουσαι ὅτι τὸ παράθεμα τοῦτο ἀποτελεῖ ἀπόπειραν κατὰ τοῦ Συντάγματος καὶ ἄλλαι, πράγμα τὸ ὁποῖον ἀποδεικνύει ὅτι ἡ κυβέρνησις τῆς κ. Σαΐτ πασᾶ ἐπιδιώκει τὴν ἐπικράτησιν διὰ τῆς ἐκλογῆς.

Τὸ Κομιτάτον ἐπέτυχεν διὰ τῆς ἀναγνωρίσεως τῆς «Ἑνώσεως καὶ Προόδου».

Ἐν πολιτικοῖς κύκλοις, θεωρεῖται ὅτι ἐκ τῆς τοιαύτης ἐκλογῆς τὸ Κομιτάτον ἐξήγειρεν ἐντονωτέρας ἀντιδράσεις.

Καὶ ὅτι ὁ νέος ὑπουργὸς θὰ διευθύνῃ τὰς ἐκλογάς κατὰ τὴν θέλησιν τοῦ Κομιτάτου, ὥστε ἡ ἐπιτυχία αὐτοῦ νὰ εἶνε βεβαία καὶ ἡ νέα Βουλὴ νὰ εἶνε συμπαγὴς ὑπὲρ τῆς πολιτικῆς αὐτοῦ.

Θὰ εἶνε εἰς τὴν βάσιν πασῶν τῶν προσπαθειῶν τῆς κυβερνήσεως.

ΤΟ ΧΟΛΕΙΟΝ ΔΥΣΤΥΧΗΜΑ

Χθὲς τὴν ἑσπέραν ὑπὸ ἡ ἀμαξοστοιχία Ἡλίας Καλαντζῆς ἐσήμερον τὸ θύμα τῆς λοιμώδους ἀσθενείας διὰ θανάτου τὸν ἐπὶ τῆς ὁδοῦ Ἀθηνῶν ὑποβληθέντα.

Τὸν Καλαντζῆν ἐπεσκέφθη ὁ ἰατρὸς τοῦ Πολιτικοῦ Νοσοκομείου ἄρτι, ὅπως παράσχῃ τὰς ἰατρικὰς βοηθείας· ὁ ἀσθενὴς ὅμως ἀπεβίωσεν εἰς τὸ νοσοκομεῖον.

Ὡς ἐξηκριβώθη ἔπασχεν ἐκ χολέρας καὶ ἐλήφθησαν ἀμέσως τὰ μέτρα.

ΕΝΟΙΚΙΑΖΕΤΑΙ δωμάτιον μετ' ἐπιπλ. εἰς ὁδὸν Ἴωνος Δραγ. 7
